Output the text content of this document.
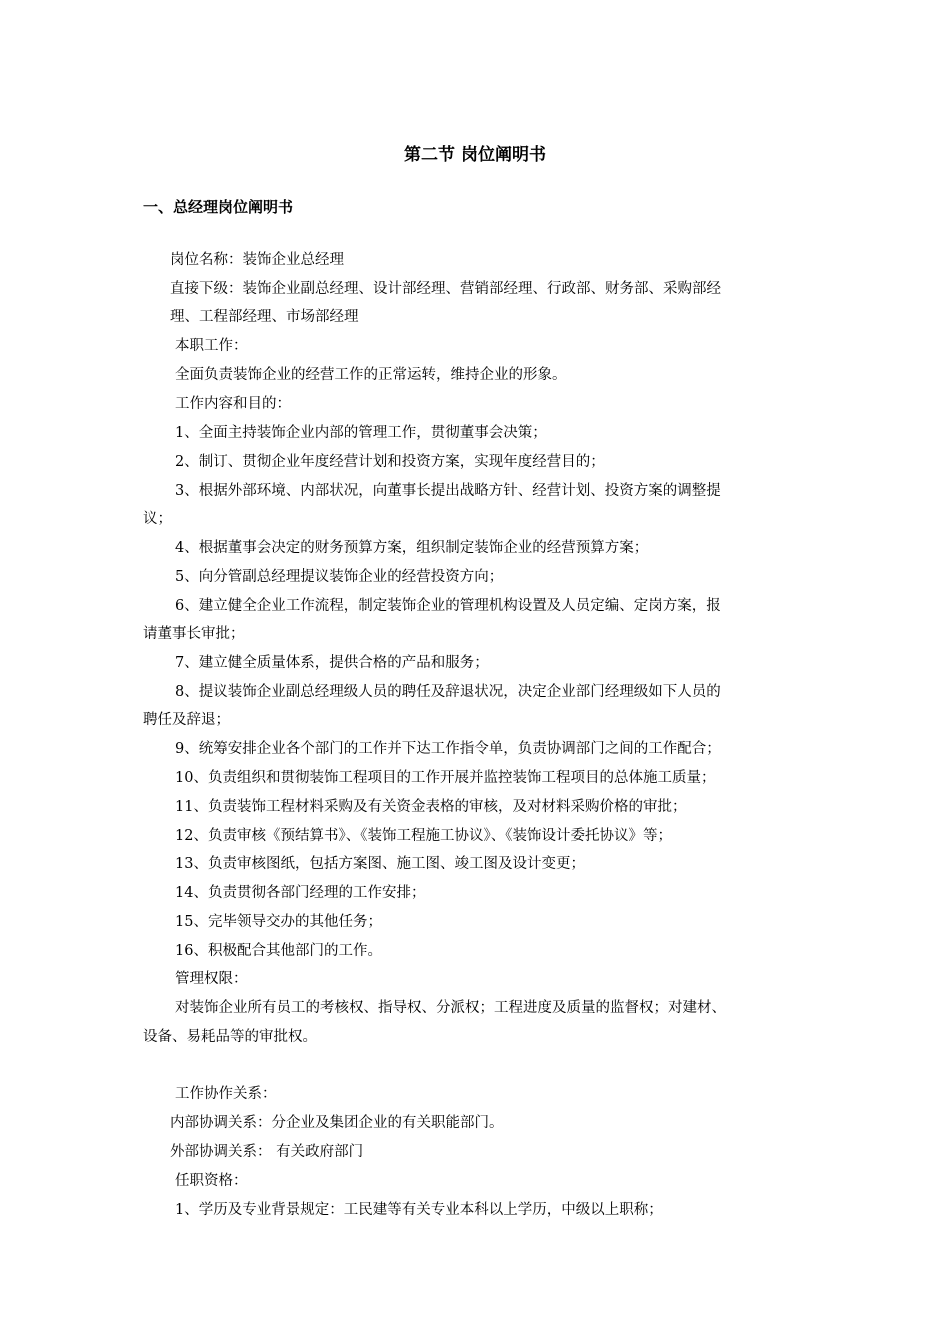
第二节 岗位阐明书
一、总经理岗位阐明书
岗位名称：装饰企业总经理
直接下级：装饰企业副总经理、设计部经理、营销部经理、行政部、财务部、采购部经
理、工程部经理、市场部经理
本职工作：
全面负责装饰企业的经营工作的正常运转，维持企业的形象。
工作内容和目的：
1、全面主持装饰企业内部的管理工作，贯彻董事会决策；
2、制订、贯彻企业年度经营计划和投资方案，实现年度经营目的；
3、根据外部环境、内部状况，向董事长提出战略方针、经营计划、投资方案的调整提
议；
4、根据董事会决定的财务预算方案，组织制定装饰企业的经营预算方案；
5、向分管副总经理提议装饰企业的经营投资方向；
6、建立健全企业工作流程，制定装饰企业的管理机构设置及人员定编、定岗方案，报
请董事长审批；
7、建立健全质量体系，提供合格的产品和服务；
8、提议装饰企业副总经理级人员的聘任及辞退状况，决定企业部门经理级如下人员的
聘任及辞退；
9、统筹安排企业各个部门的工作并下达工作指令单，负责协调部门之间的工作配合；
10、负责组织和贯彻装饰工程项目的工作开展并监控装饰工程项目的总体施工质量；
11、负责装饰工程材料采购及有关资金表格的审核，及对材料采购价格的审批；
12、负责审核《预结算书》、《装饰工程施工协议》、《装饰设计委托协议》等；
13、负责审核图纸，包括方案图、施工图、竣工图及设计变更；
14、负责贯彻各部门经理的工作安排；
15、完毕领导交办的其他任务；
16、积极配合其他部门的工作。
管理权限：
对装饰企业所有员工的考核权、指导权、分派权；工程进度及质量的监督权；对建材、
设备、易耗品等的审批权。
工作协作关系：
内部协调关系：分企业及集团企业的有关职能部门。
外部协调关系： 有关政府部门
任职资格：
1、学历及专业背景规定：工民建等有关专业本科以上学历，中级以上职称；
